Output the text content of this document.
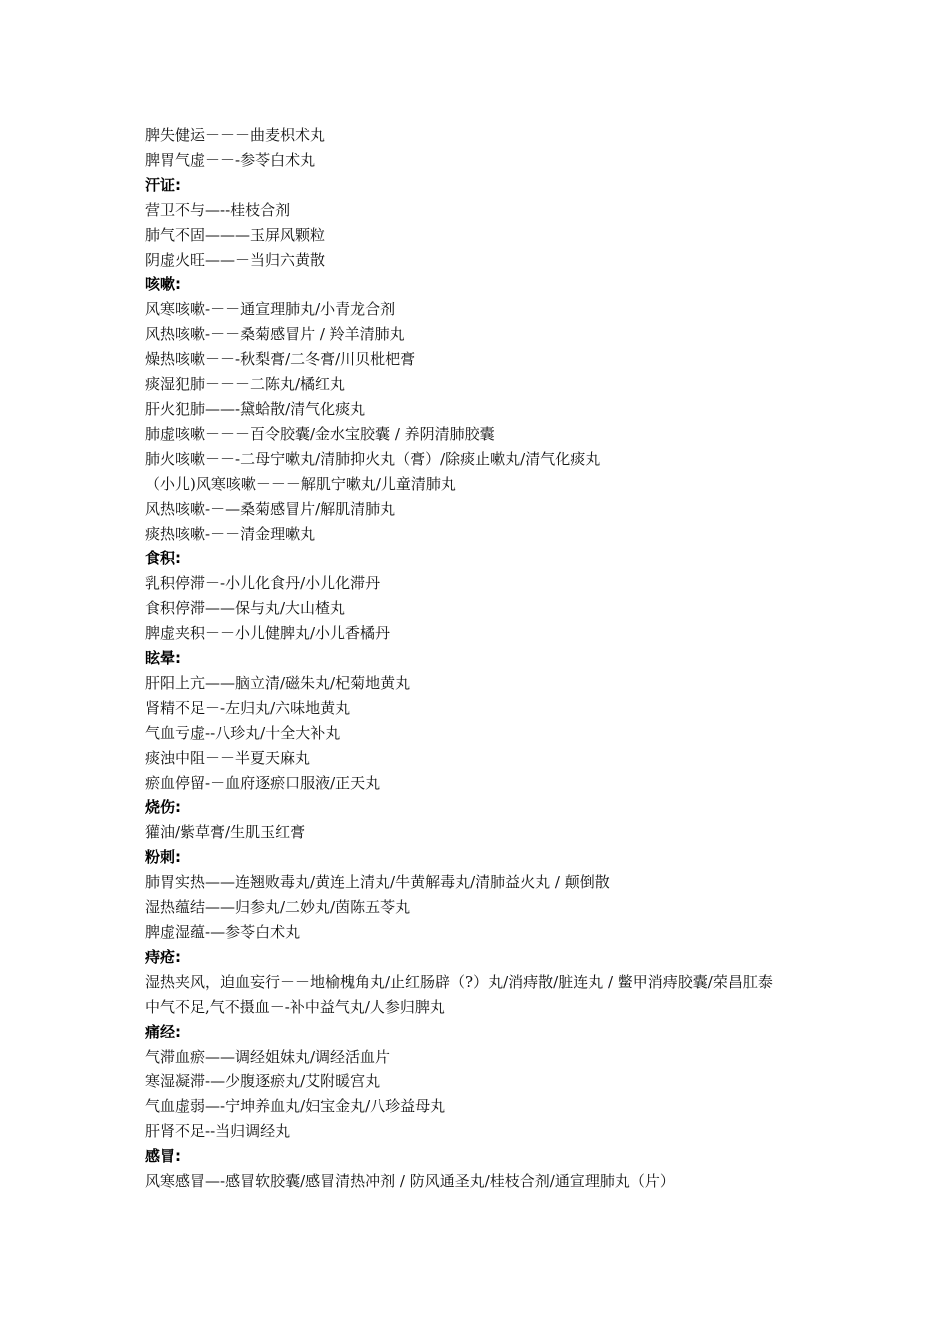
脾失健运－－－曲麦枳术丸
脾胃气虚－－-参苓白术丸
汗证:
营卫不与—--桂枝合剂
肺气不固———玉屏风颗粒
阴虚火旺——－当归六黄散
咳嗽:
风寒咳嗽-－－通宣理肺丸/小青龙合剂
风热咳嗽-－－桑菊感冒片 / 羚羊清肺丸
燥热咳嗽－－-秋梨膏/二冬膏/川贝枇杷膏
痰湿犯肺－－－二陈丸/橘红丸
肝火犯肺——-黛蛤散/清气化痰丸
肺虚咳嗽－－－百令胶囊/金水宝胶囊 / 养阴清肺胶囊
肺火咳嗽－－-二母宁嗽丸/清肺抑火丸（膏）/除痰止嗽丸/清气化痰丸
（小儿)风寒咳嗽－－－解肌宁嗽丸/儿童清肺丸
风热咳嗽-－—桑菊感冒片/解肌清肺丸
痰热咳嗽-－－清金理嗽丸
食积:
乳积停滞－-小儿化食丹/小儿化滞丹
食积停滞——保与丸/大山楂丸
脾虚夹积－－小儿健脾丸/小儿香橘丹
眩晕:
肝阳上亢——脑立清/磁朱丸/杞菊地黄丸
肾精不足－-左归丸/六味地黄丸
气血亏虚--八珍丸/十全大补丸
痰浊中阻－－半夏天麻丸
瘀血停留-－血府逐瘀口服液/正天丸
烧伤:
獾油/紫草膏/生肌玉红膏
粉刺:
肺胃实热——连翘败毒丸/黄连上清丸/牛黄解毒丸/清肺益火丸 / 颠倒散
湿热蕴结——归参丸/二妙丸/茵陈五苓丸
脾虚湿蕴-—参苓白术丸
痔疮:
湿热夹风，迫血妄行－－地榆槐角丸/止红肠辟（?）丸/消痔散/脏连丸 / 鳖甲消痔胶囊/荣昌肛泰
中气不足,气不摄血－-补中益气丸/人参归脾丸
痛经:
气滞血瘀——调经姐妹丸/调经活血片
寒湿凝滞-—少腹逐瘀丸/艾附暖宫丸
气血虚弱—-宁坤养血丸/妇宝金丸/八珍益母丸
肝肾不足--当归调经丸
感冒:
风寒感冒—-感冒软胶囊/感冒清热冲剂 / 防风通圣丸/桂枝合剂/通宣理肺丸（片）
